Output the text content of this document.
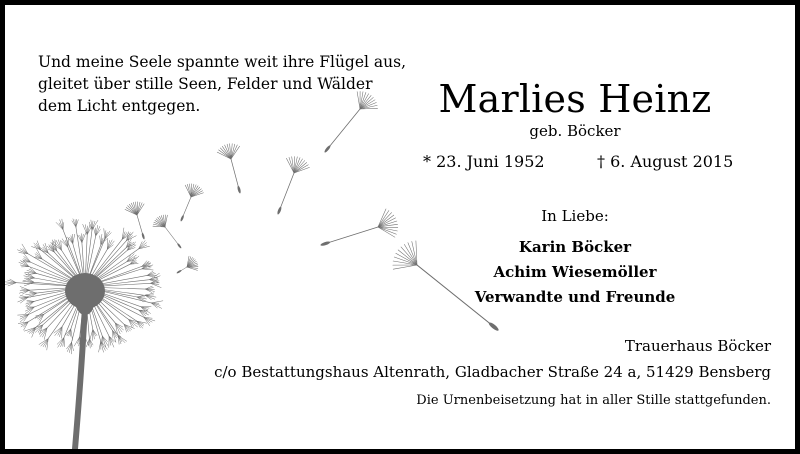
Und meine Seele spannte weit ihre Flügel aus,
gleitet über stille Seen, Felder und Wälder
dem Licht entgegen.	Marlies Heinz
geb. Böcker
* 23. Juni 1952	† 6. August 2015
In Liebe:
Karin Böcker
Achim Wiesemöller
Verwandte und Freunde
Trauerhaus Böcker
c/o Bestattungshaus Altenrath, Gladbacher Straße 24 a, 51429 Bensberg
Die Urnenbeisetzung hat in aller Stille stattgefunden.
